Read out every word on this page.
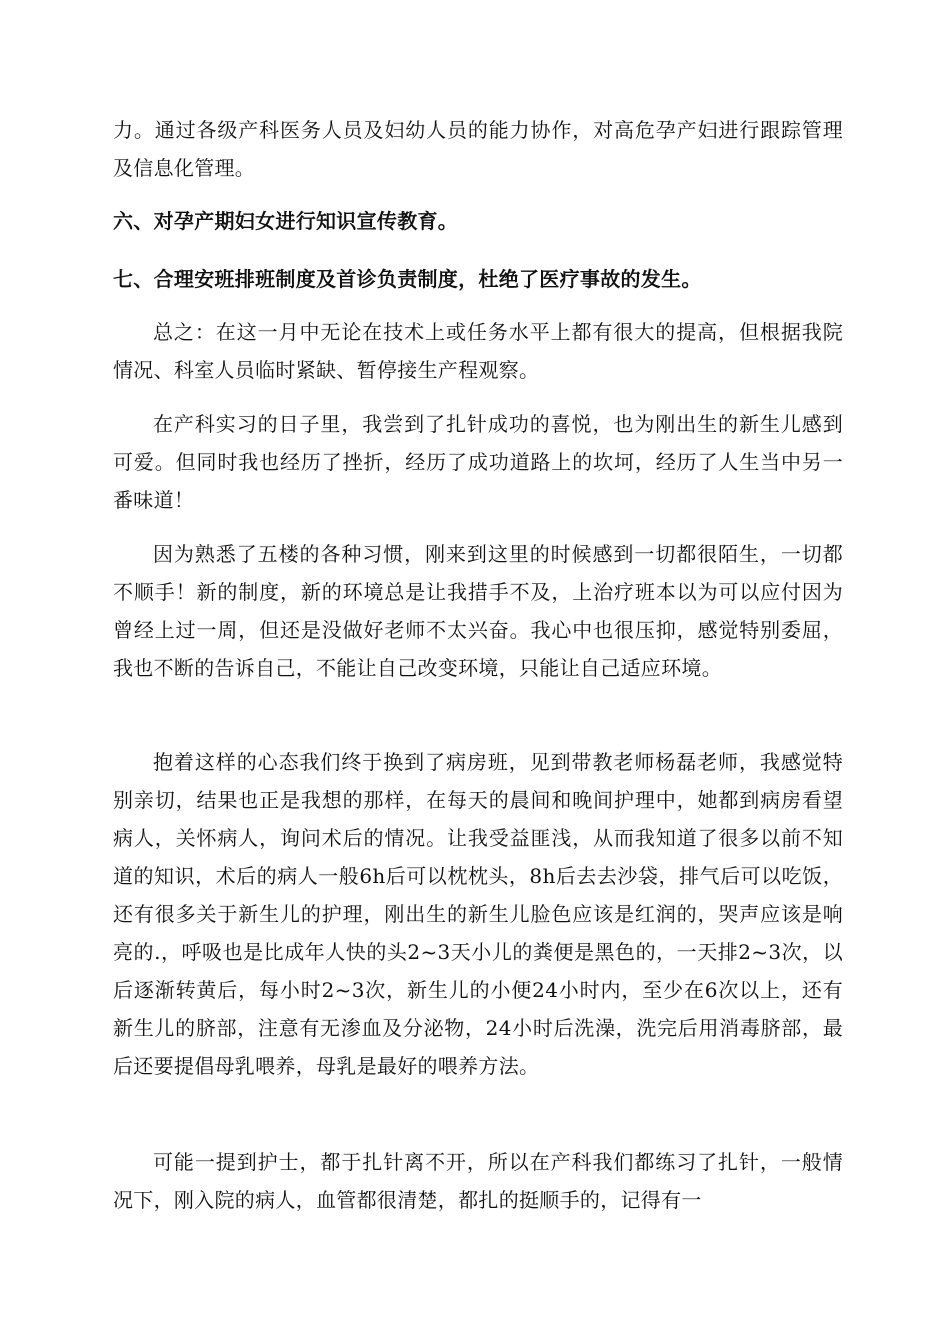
力。通过各级产科医务人员及妇幼人员的能力协作，对高危孕产妇进行跟踪管理及信息化管理。

六、对孕产期妇女进行知识宣传教育。

七、合理安班排班制度及首诊负责制度，杜绝了医疗事故的发生。

总之：在这一月中无论在技术上或任务水平上都有很大的提高，但根据我院情况、科室人员临时紧缺、暂停接生产程观察。

在产科实习的日子里，我尝到了扎针成功的喜悦，也为刚出生的新生儿感到可爱。但同时我也经历了挫折，经历了成功道路上的坎坷，经历了人生当中另一番味道！

因为熟悉了五楼的各种习惯，刚来到这里的时候感到一切都很陌生，一切都不顺手！新的制度，新的环境总是让我措手不及，上治疗班本以为可以应付因为曾经上过一周，但还是没做好老师不太兴奋。我心中也很压抑，感觉特别委屈，我也不断的告诉自己，不能让自己改变环境，只能让自己适应环境。

抱着这样的心态我们终于换到了病房班，见到带教老师杨磊老师，我感觉特别亲切，结果也正是我想的那样，在每天的晨间和晚间护理中，她都到病房看望病人，关怀病人，询问术后的情况。让我受益匪浅，从而我知道了很多以前不知道的知识，术后的病人一般6h后可以枕枕头，8h后去去沙袋，排气后可以吃饭，还有很多关于新生儿的护理，刚出生的新生儿脸色应该是红润的，哭声应该是响亮的.，呼吸也是比成年人快的头2~3天小儿的粪便是黑色的，一天排2~3次，以后逐渐转黄后，每小时2~3次，新生儿的小便24小时内，至少在6次以上，还有新生儿的脐部，注意有无渗血及分泌物，24小时后洗澡，洗完后用消毒脐部，最后还要提倡母乳喂养，母乳是最好的喂养方法。

可能一提到护士，都于扎针离不开，所以在产科我们都练习了扎针，一般情况下，刚入院的病人，血管都很清楚，都扎的挺顺手的，记得有一
